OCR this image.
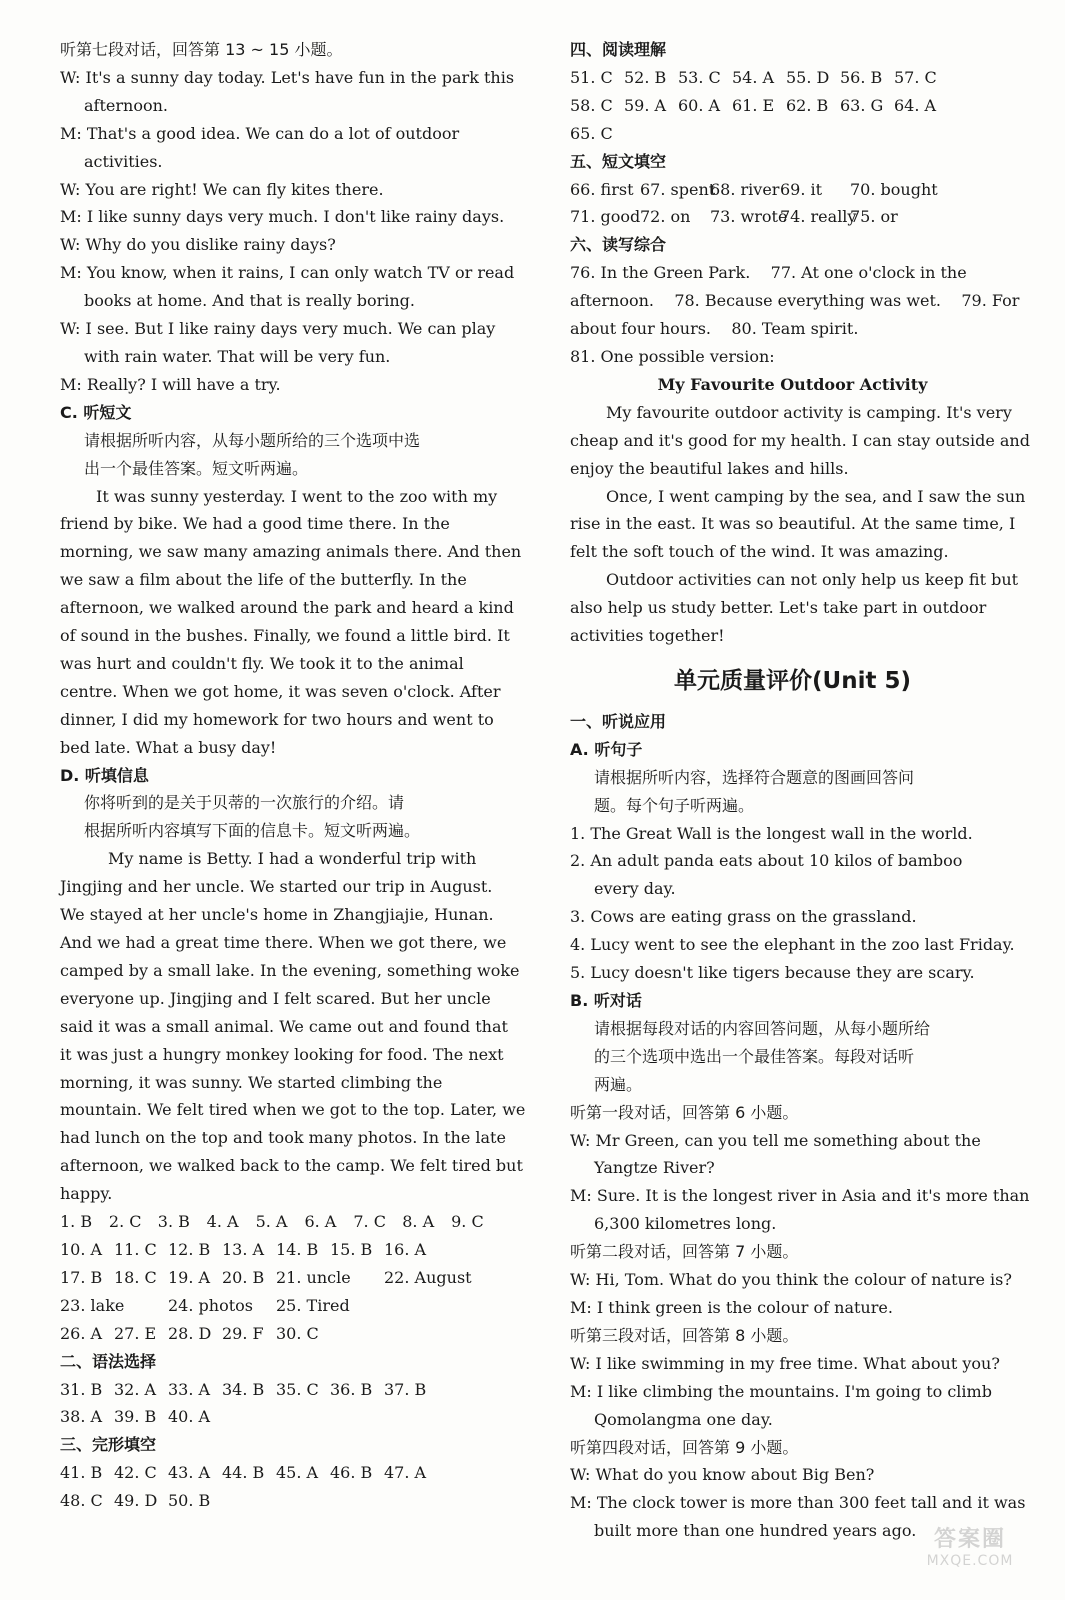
听第七段对话，回答第 13 ~ 15 小题。
W: It's a sunny day today. Let's have fun in the park this
afternoon.
M: That's a good idea. We can do a lot of outdoor
activities.
W: You are right! We can fly kites there.
M: I like sunny days very much. I don't like rainy days.
W: Why do you dislike rainy days?
M: You know, when it rains, I can only watch TV or read
books at home. And that is really boring.
W: I see. But I like rainy days very much. We can play
with rain water. That will be very fun.
M: Really? I will have a try.
C. 听短文
请根据所听内容，从每小题所给的三个选项中选
出一个最佳答案。短文听两遍。
It was sunny yesterday. I went to the zoo with my
friend by bike. We had a good time there. In the
morning, we saw many amazing animals there. And then
we saw a film about the life of the butterfly. In the
afternoon, we walked around the park and heard a kind
of sound in the bushes. Finally, we found a little bird. It
was hurt and couldn't fly. We took it to the animal
centre. When we got home, it was seven o'clock. After
dinner, I did my homework for two hours and went to
bed late. What a busy day!
D. 听填信息
你将听到的是关于贝蒂的一次旅行的介绍。请
根据所听内容填写下面的信息卡。短文听两遍。
My name is Betty. I had a wonderful trip with
Jingjing and her uncle. We started our trip in August.
We stayed at her uncle's home in Zhangjiajie, Hunan.
And we had a great time there. When we got there, we
camped by a small lake. In the evening, something woke
everyone up. Jingjing and I felt scared. But her uncle
said it was a small animal. We came out and found that
it was just a hungry monkey looking for food. The next
morning, it was sunny. We started climbing the
mountain. We felt tired when we got to the top. Later, we
had lunch on the top and took many photos. In the late
afternoon, we walked back to the camp. We felt tired but
happy.
1. B	2. C	3. B	4. A	5. A	6. A	7. C	8. A	9. C
10. A 11. C 12. B 13. A 14. B 15. B 16. A
17. B 18. C 19. A 20. B 21. uncle	22. August
23. lake	24. photos	25. Tired
26. A 27. E 28. D 29. F 30. C
二、语法选择
31. B 32. A 33. A 34. B 35. C 36. B 37. B
38. A 39. B 40. A
三、完形填空
41. B 42. C 43. A 44. B 45. A 46. B 47. A
48. C 49. D 50. B
四、阅读理解
51. C 52. B 53. C 54. A 55. D 56. B 57. C
58. C 59. A 60. A 61. E 62. B 63. G 64. A
65. C
五、短文填空
66. first 67. spent
68. river 69. it	70. bought
71. good 72. on	73. wrote
74. really
75. or
六、读写综合
76. In the Green Park.    77. At one o'clock in the
afternoon.    78. Because everything was wet.    79. For
about four hours.    80. Team spirit.
81. One possible version:
My Favourite Outdoor Activity
My favourite outdoor activity is camping. It's very
cheap and it's good for my health. I can stay outside and
enjoy the beautiful lakes and hills.
Once, I went camping by the sea, and I saw the sun
rise in the east. It was so beautiful. At the same time, I
felt the soft touch of the wind. It was amazing.
Outdoor activities can not only help us keep fit but
also help us study better. Let's take part in outdoor
activities together!
单元质量评价(Unit 5)
一、听说应用
A. 听句子
请根据所听内容，选择符合题意的图画回答问
题。每个句子听两遍。
1. The Great Wall is the longest wall in the world.
2. An adult panda eats about 10 kilos of bamboo
every day.
3. Cows are eating grass on the grassland.
4. Lucy went to see the elephant in the zoo last Friday.
5. Lucy doesn't like tigers because they are scary.
B. 听对话
请根据每段对话的内容回答问题，从每小题所给
的三个选项中选出一个最佳答案。每段对话听
两遍。
听第一段对话，回答第 6 小题。
W: Mr Green, can you tell me something about the
Yangtze River?
M: Sure. It is the longest river in Asia and it's more than
6,300 kilometres long.
听第二段对话，回答第 7 小题。
W: Hi, Tom. What do you think the colour of nature is?
M: I think green is the colour of nature.
听第三段对话，回答第 8 小题。
W: I like swimming in my free time. What about you?
M: I like climbing the mountains. I'm going to climb
Qomolangma one day.
听第四段对话，回答第 9 小题。
W: What do you know about Big Ben?
M: The clock tower is more than 300 feet tall and it was
built more than one hundred years ago. 答案圈
MXQE.COM
